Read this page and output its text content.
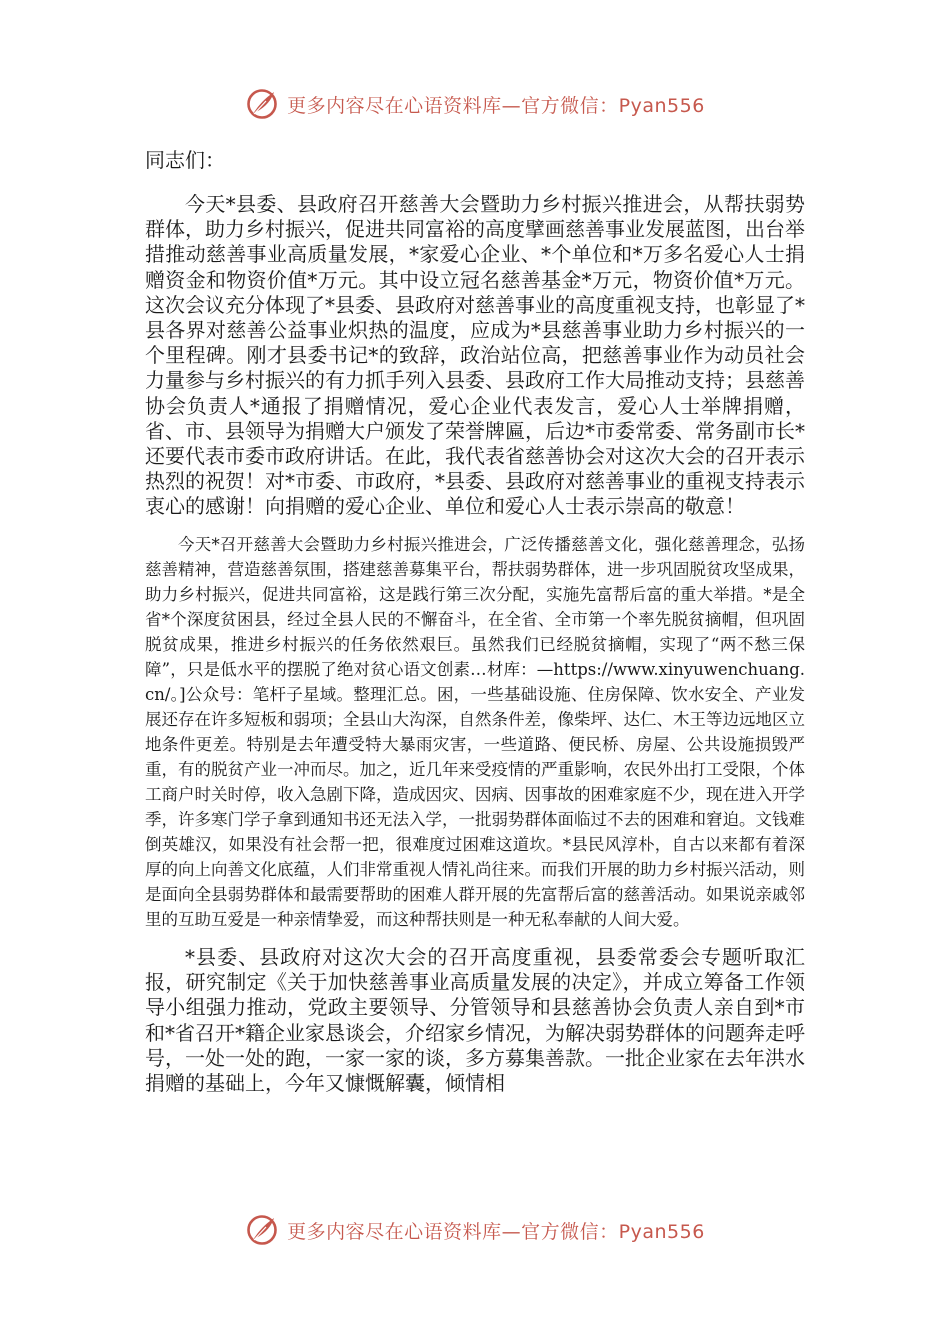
更多内容尽在心语资料库—官方微信：Pyan556

同志们：

今天*县委、县政府召开慈善大会暨助力乡村振兴推进会，从帮扶弱势群体，助力乡村振兴，促进共同富裕的高度擘画慈善事业发展蓝图，出台举措推动慈善事业高质量发展，*家爱心企业、*个单位和*万多名爱心人士捐赠资金和物资价值*万元。其中设立冠名慈善基金*万元，物资价值*万元。这次会议充分体现了*县委、县政府对慈善事业的高度重视支持，也彰显了*县各界对慈善公益事业炽热的温度，应成为*县慈善事业助力乡村振兴的一个里程碑。刚才县委书记*的致辞，政治站位高，把慈善事业作为动员社会力量参与乡村振兴的有力抓手列入县委、县政府工作大局推动支持；县慈善协会负责人*通报了捐赠情况，爱心企业代表发言，爱心人士举牌捐赠，省、市、县领导为捐赠大户颁发了荣誉牌匾，后边*市委常委、常务副市长*还要代表市委市政府讲话。在此，我代表省慈善协会对这次大会的召开表示热烈的祝贺！对*市委、市政府，*县委、县政府对慈善事业的重视支持表示衷心的感谢！向捐赠的爱心企业、单位和爱心人士表示崇高的敬意！

今天*召开慈善大会暨助力乡村振兴推进会，广泛传播慈善文化，强化慈善理念，弘扬慈善精神，营造慈善氛围，搭建慈善募集平台，帮扶弱势群体，进一步巩固脱贫攻坚成果，助力乡村振兴，促进共同富裕，这是践行第三次分配，实施先富帮后富的重大举措。*是全省*个深度贫困县，经过全县人民的不懈奋斗，在全省、全市第一个率先脱贫摘帽，但巩固脱贫成果，推进乡村振兴的任务依然艰巨。虽然我们已经脱贫摘帽，实现了“两不愁三保障”，只是低水平的摆脱了绝对贫心语文创素…材库：—https://www.xinyuwenchuang.cn/。]公众号：笔杆子星域。整理汇总。困，一些基础设施、住房保障、饮水安全、产业发展还存在许多短板和弱项；全县山大沟深，自然条件差，像柴坪、达仁、木王等边远地区立地条件更差。特别是去年遭受特大暴雨灾害，一些道路、便民桥、房屋、公共设施损毁严重，有的脱贫产业一冲而尽。加之，近几年来受疫情的严重影响，农民外出打工受限，个体工商户时关时停，收入急剧下降，造成因灾、因病、因事故的困难家庭不少，现在进入开学季，许多寒门学子拿到通知书还无法入学，一批弱势群体面临过不去的困难和窘迫。文钱难倒英雄汉，如果没有社会帮一把，很难度过困难这道坎。*县民风淳朴，自古以来都有着深厚的向上向善文化底蕴，人们非常重视人情礼尚往来。而我们开展的助力乡村振兴活动，则是面向全县弱势群体和最需要帮助的困难人群开展的先富帮后富的慈善活动。如果说亲戚邻里的互助互爱是一种亲情挚爱，而这种帮扶则是一种无私奉献的人间大爱。

*县委、县政府对这次大会的召开高度重视，县委常委会专题听取汇报，研究制定《关于加快慈善事业高质量发展的决定》，并成立筹备工作领导小组强力推动，党政主要领导、分管领导和县慈善协会负责人亲自到*市和*省召开*籍企业家恳谈会，介绍家乡情况，为解决弱势群体的问题奔走呼号，一处一处的跑，一家一家的谈，多方募集善款。一批企业家在去年洪水捐赠的基础上，今年又慷慨解囊，倾情相

更多内容尽在心语资料库—官方微信：Pyan556
